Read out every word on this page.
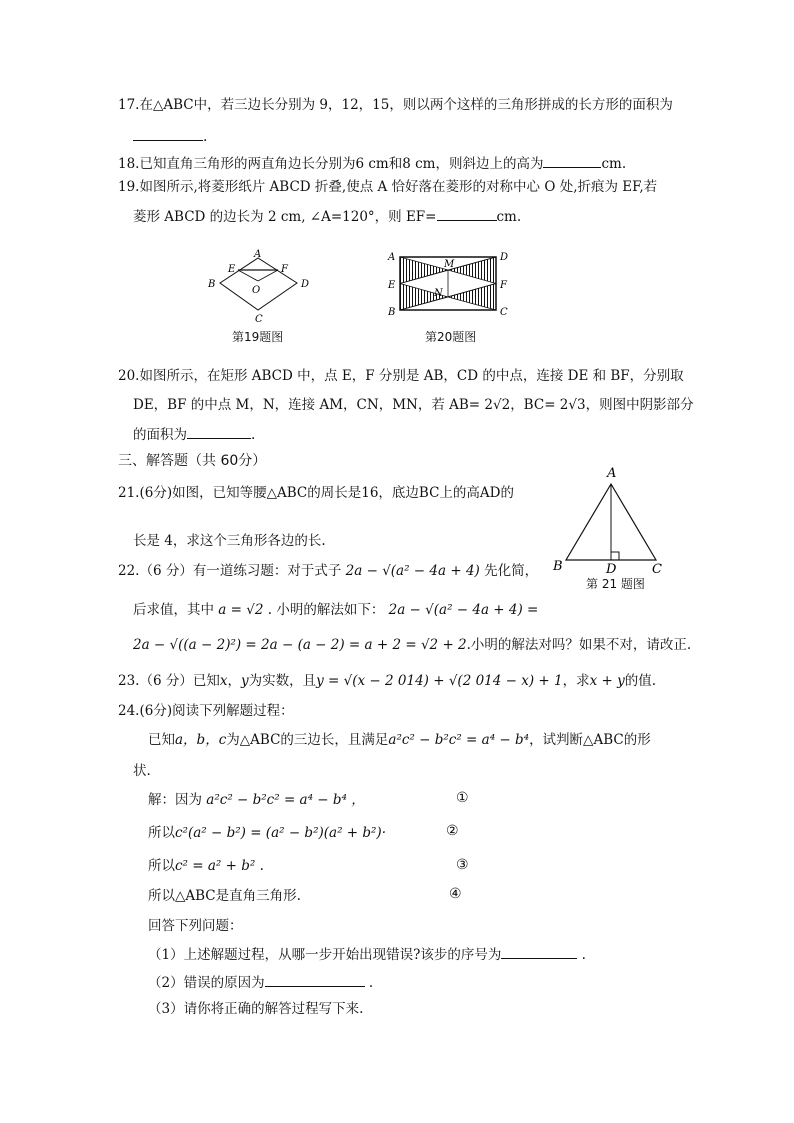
17.在△ABC中，若三边长分别为 9，12，15，则以两个这样的三角形拼成的长方形的面积为
.
18.已知直角三角形的两直角边长分别为6 cm和8 cm，则斜边上的高为	cm.
19.如图所示,将菱形纸片 ABCD 折叠,使点 A 恰好落在菱形的对称中心 O 处,折痕为 EF,若
菱形 ABCD 的边长为 2 cm, ∠A=120°，则 EF=	cm.
A
B
C
D
E	F
O
第19题图
A
B	C
D
E	F
M
N
第20题图
20.如图所示，在矩形 ABCD 中，点 E，F 分别是 AB，CD 的中点，连接 DE 和 BF，分别取
DE，BF 的中点 M，N，连接 AM，CN，MN，若 AB= 2√2，BC= 2√3，则图中阴影部分
的面积为	.
三、解答题（共 60分）
21.(6分)如图，已知等腰△ABC的周长是16，底边BC上的高AD的
长是 4，求这个三角形各边的长.
A
B	D	C
第 21 题图
22.（6 分）有一道练习题：对于式子 2a − √(a² − 4a + 4) 先化简，
后求值，其中 a = √2 . 小明的解法如下： 2a − √(a² − 4a + 4) =
2a − √((a − 2)²) = 2a − (a − 2) = a + 2 = √2 + 2.小明的解法对吗？如果不对，请改正.
23.（6 分）已知x，y为实数，且y = √(x − 2 014) + √(2 014 − x) + 1，求x + y的值.
24.(6分)阅读下列解题过程：
已知a，b，c为△ABC的三边长，且满足a²c² − b²c² = a⁴ − b⁴，试判断△ABC的形
状.
解：因为 a²c² − b²c² = a⁴ − b⁴ ，	①
所以c²(a² − b²) = (a² − b²)(a² + b²)·	②
所以c² = a² + b² .	③
所以△ABC是直角三角形.	④
回答下列问题：
（1）上述解题过程，从哪一步开始出现错误?该步的序号为	.
（2）错误的原因为	.
（3）请你将正确的解答过程写下来.
